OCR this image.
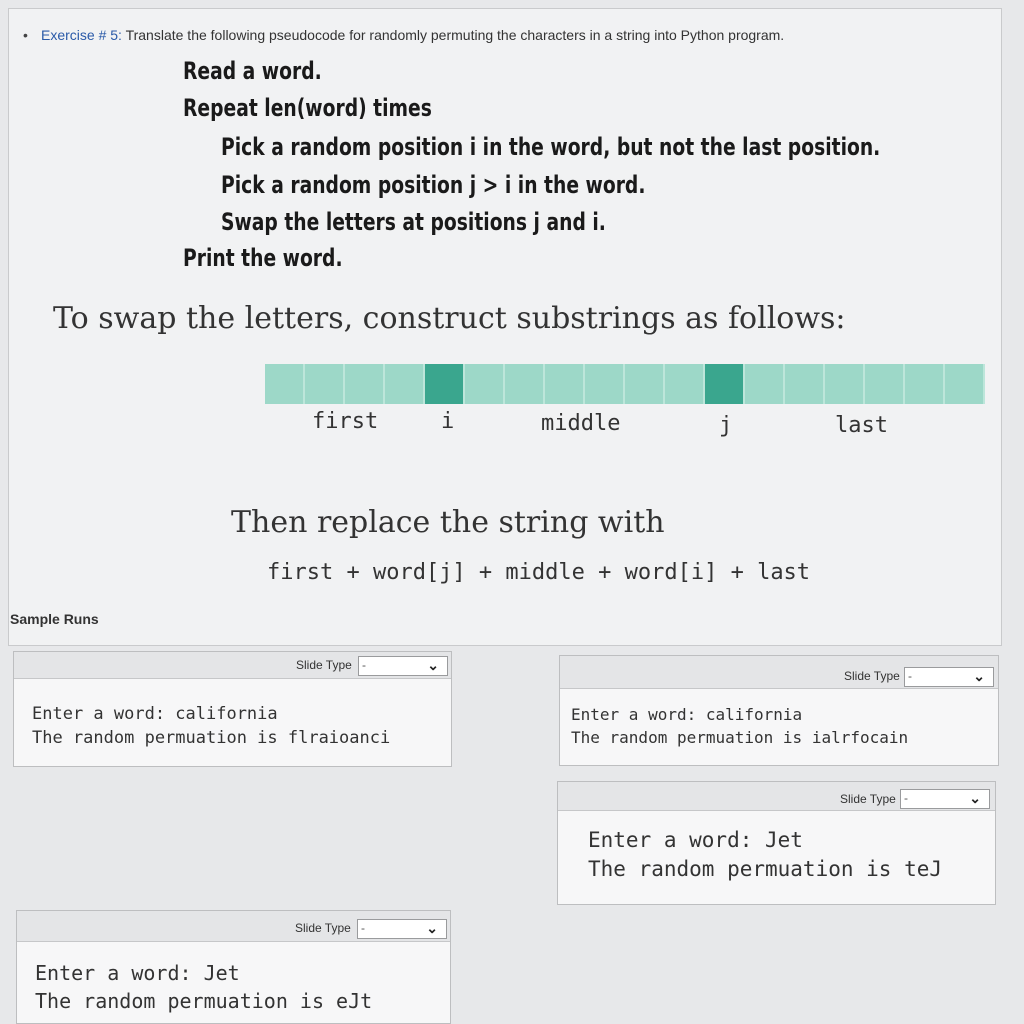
• Exercise # 5: Translate the following pseudocode for randomly permuting the characters in a string into Python program.
Read a word.
Repeat len(word) times
Pick a random position i in the word, but not the last position.
Pick a random position j > i in the word.
Swap the letters at positions j and i.
Print the word.
To swap the letters, construct substrings as follows:
first	i	middle	j	last
Then replace the string with
first + word[j] + middle + word[i] + last
Sample Runs
Slide Type -	⌄
Enter a word: california
The random permuation is flraioanci
Slide Type -	⌄
Enter a word: california
The random permuation is ialrfocain
Slide Type -	⌄
Enter a word: Jet
The random permuation is teJ
Slide Type -	⌄
Enter a word: Jet
The random permuation is eJt
